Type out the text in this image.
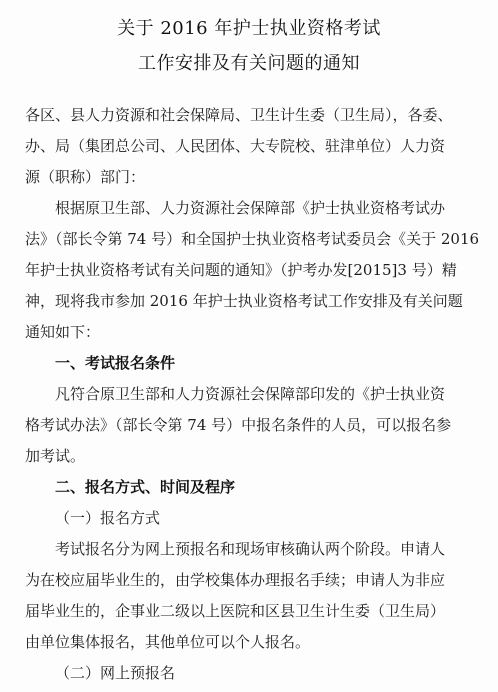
关于 2016 年护士执业资格考试
工作安排及有关问题的通知
各区、县人力资源和社会保障局、卫生计生委（卫生局），各委、
办、局（集团总公司、人民团体、大专院校、驻津单位）人力资
源（职称）部门：
根据原卫生部、人力资源社会保障部《护士执业资格考试办
法》（部长令第 74 号）和全国护士执业资格考试委员会《关于 2016
年护士执业资格考试有关问题的通知》（护考办发[2015]3 号）精
神，现将我市参加 2016 年护士执业资格考试工作安排及有关问题
通知如下：
一、考试报名条件
凡符合原卫生部和人力资源社会保障部印发的《护士执业资
格考试办法》（部长令第 74 号）中报名条件的人员，可以报名参
加考试。
二、报名方式、时间及程序
（一）报名方式
考试报名分为网上预报名和现场审核确认两个阶段。申请人
为在校应届毕业生的，由学校集体办理报名手续；申请人为非应
届毕业生的，企事业二级以上医院和区县卫生计生委（卫生局）
由单位集体报名，其他单位可以个人报名。
（二）网上预报名
